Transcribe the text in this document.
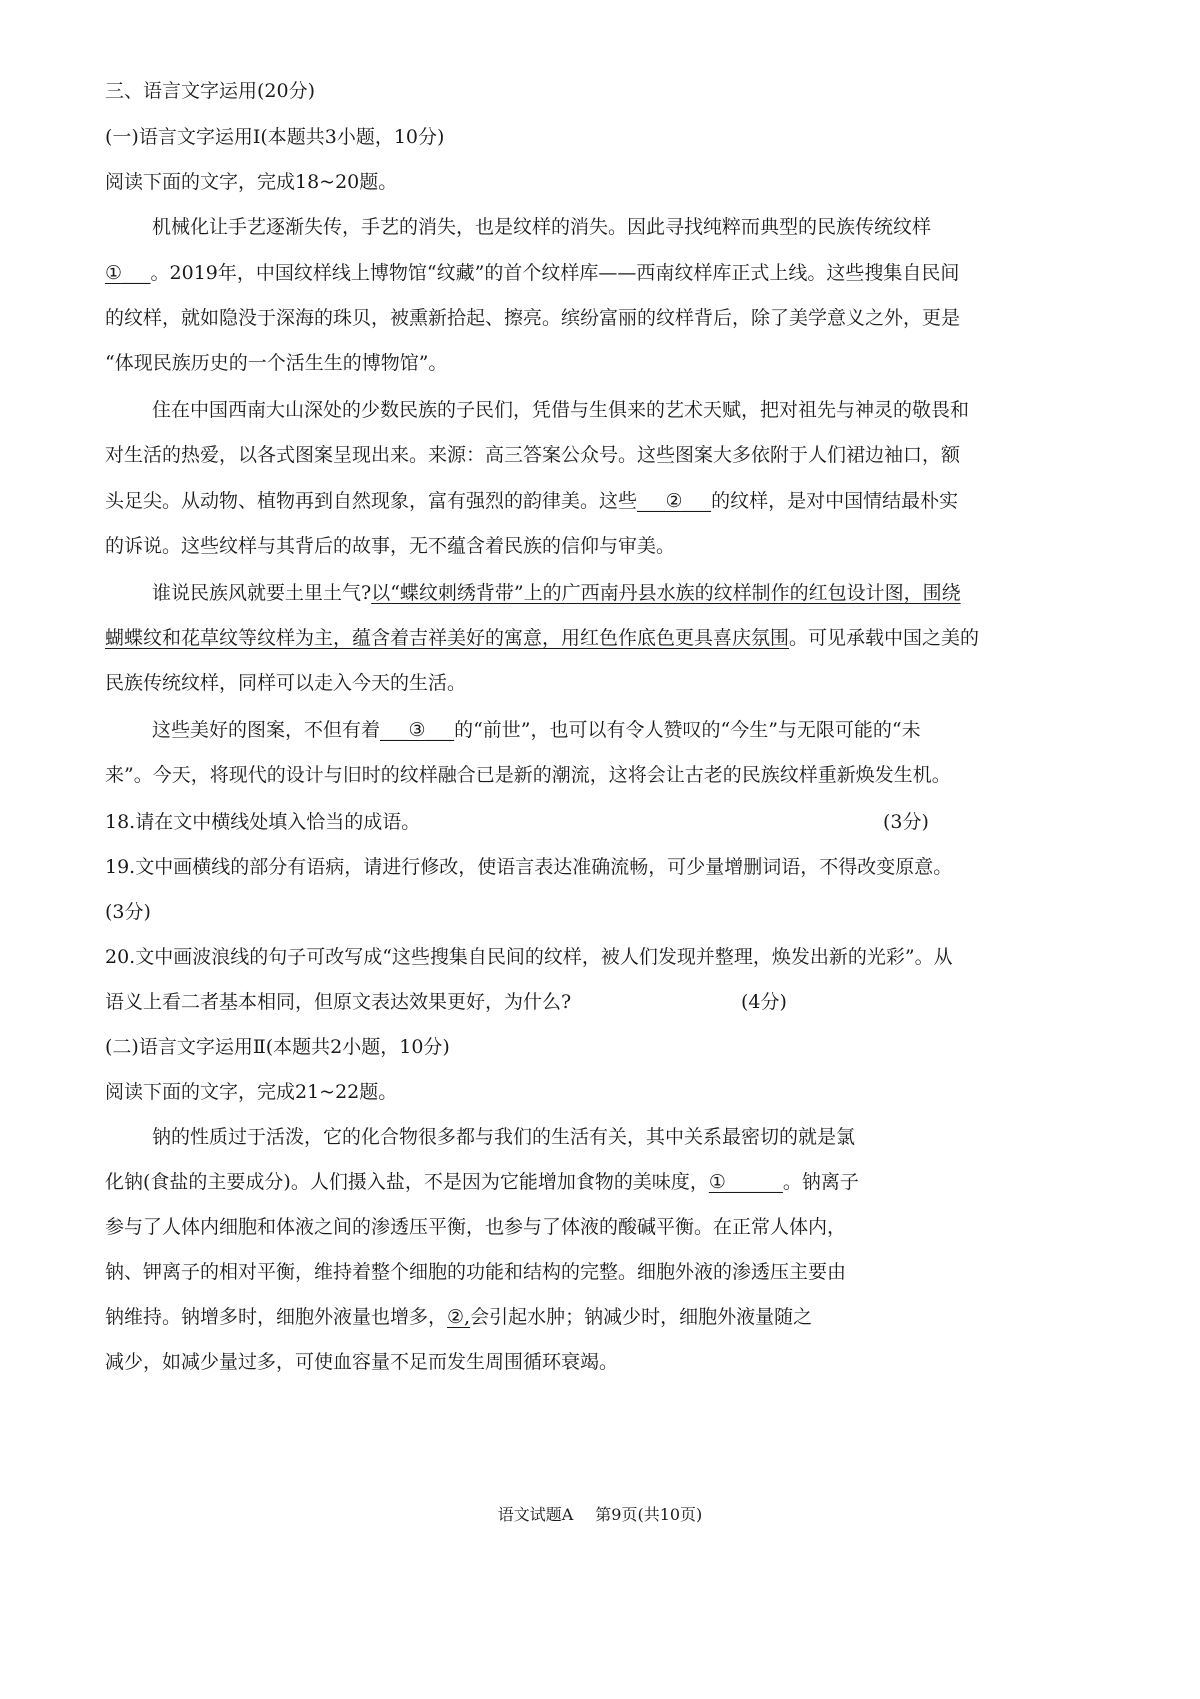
三、语言文字运用(20分)
(一)语言文字运用Ⅰ(本题共3小题，10分)
阅读下面的文字，完成18~20题。
机械化让手艺逐渐失传，手艺的消失，也是纹样的消失。因此寻找纯粹而典型的民族传统纹样
①___。2019年，中国纹样线上博物馆“纹藏”的首个纹样库——西南纹样库正式上线。这些搜集自民间
的纹样，就如隐没于深海的珠贝，被熏新拾起、擦亮。缤纷富丽的纹样背后，除了美学意义之外，更是
“体现民族历史的一个活生生的博物馆”。
住在中国西南大山深处的少数民族的子民们，凭借与生俱来的艺术天赋，把对祖先与神灵的敬畏和
对生活的热爱，以各式图案呈现出来。来源：高三答案公众号。这些图案大多依附于人们裙边袖口，额
头足尖。从动物、植物再到自然现象，富有强烈的韵律美。这些___②___的纹样，是对中国情结最朴实
的诉说。这些纹样与其背后的故事，无不蕴含着民族的信仰与审美。
谁说民族风就要土里土气?以“蝶纹刺绣背带”上的广西南丹县水族的纹样制作的红包设计图，围绕
蝴蝶纹和花草纹等纹样为主，蕴含着吉祥美好的寓意，用红色作底色更具喜庆氛围。可见承载中国之美的
民族传统纹样，同样可以走入今天的生活。
这些美好的图案，不但有着___③___的“前世”，也可以有令人赞叹的“今生”与无限可能的“未
来”。今天，将现代的设计与旧时的纹样融合已是新的潮流，这将会让古老的民族纹样重新焕发生机。
18.请在文中横线处填入恰当的成语。	(3分)
19.文中画横线的部分有语病，请进行修改，使语言表达准确流畅，可少量增删词语，不得改变原意。
(3分)
20.文中画波浪线的句子可改写成“这些搜集自民间的纹样，被人们发现并整理，焕发出新的光彩”。从
语义上看二者基本相同，但原文表达效果更好，为什么?	(4分)
(二)语言文字运用Ⅱ(本题共2小题，10分)
阅读下面的文字，完成21~22题。
钠的性质过于活泼，它的化合物很多都与我们的生活有关，其中关系最密切的就是氯
化钠(食盐的主要成分)。人们摄入盐，不是因为它能增加食物的美味度，①______。钠离子
参与了人体内细胞和体液之间的渗透压平衡，也参与了体液的酸碱平衡。在正常人体内，
钠、钾离子的相对平衡，维持着整个细胞的功能和结构的完整。细胞外液的渗透压主要由
钠维持。钠增多时，细胞外液量也增多，②,会引起水肿；钠减少时，细胞外液量随之
减少，如减少量过多，可使血容量不足而发生周围循环衰竭。
语文试题A 第9页(共10页)
